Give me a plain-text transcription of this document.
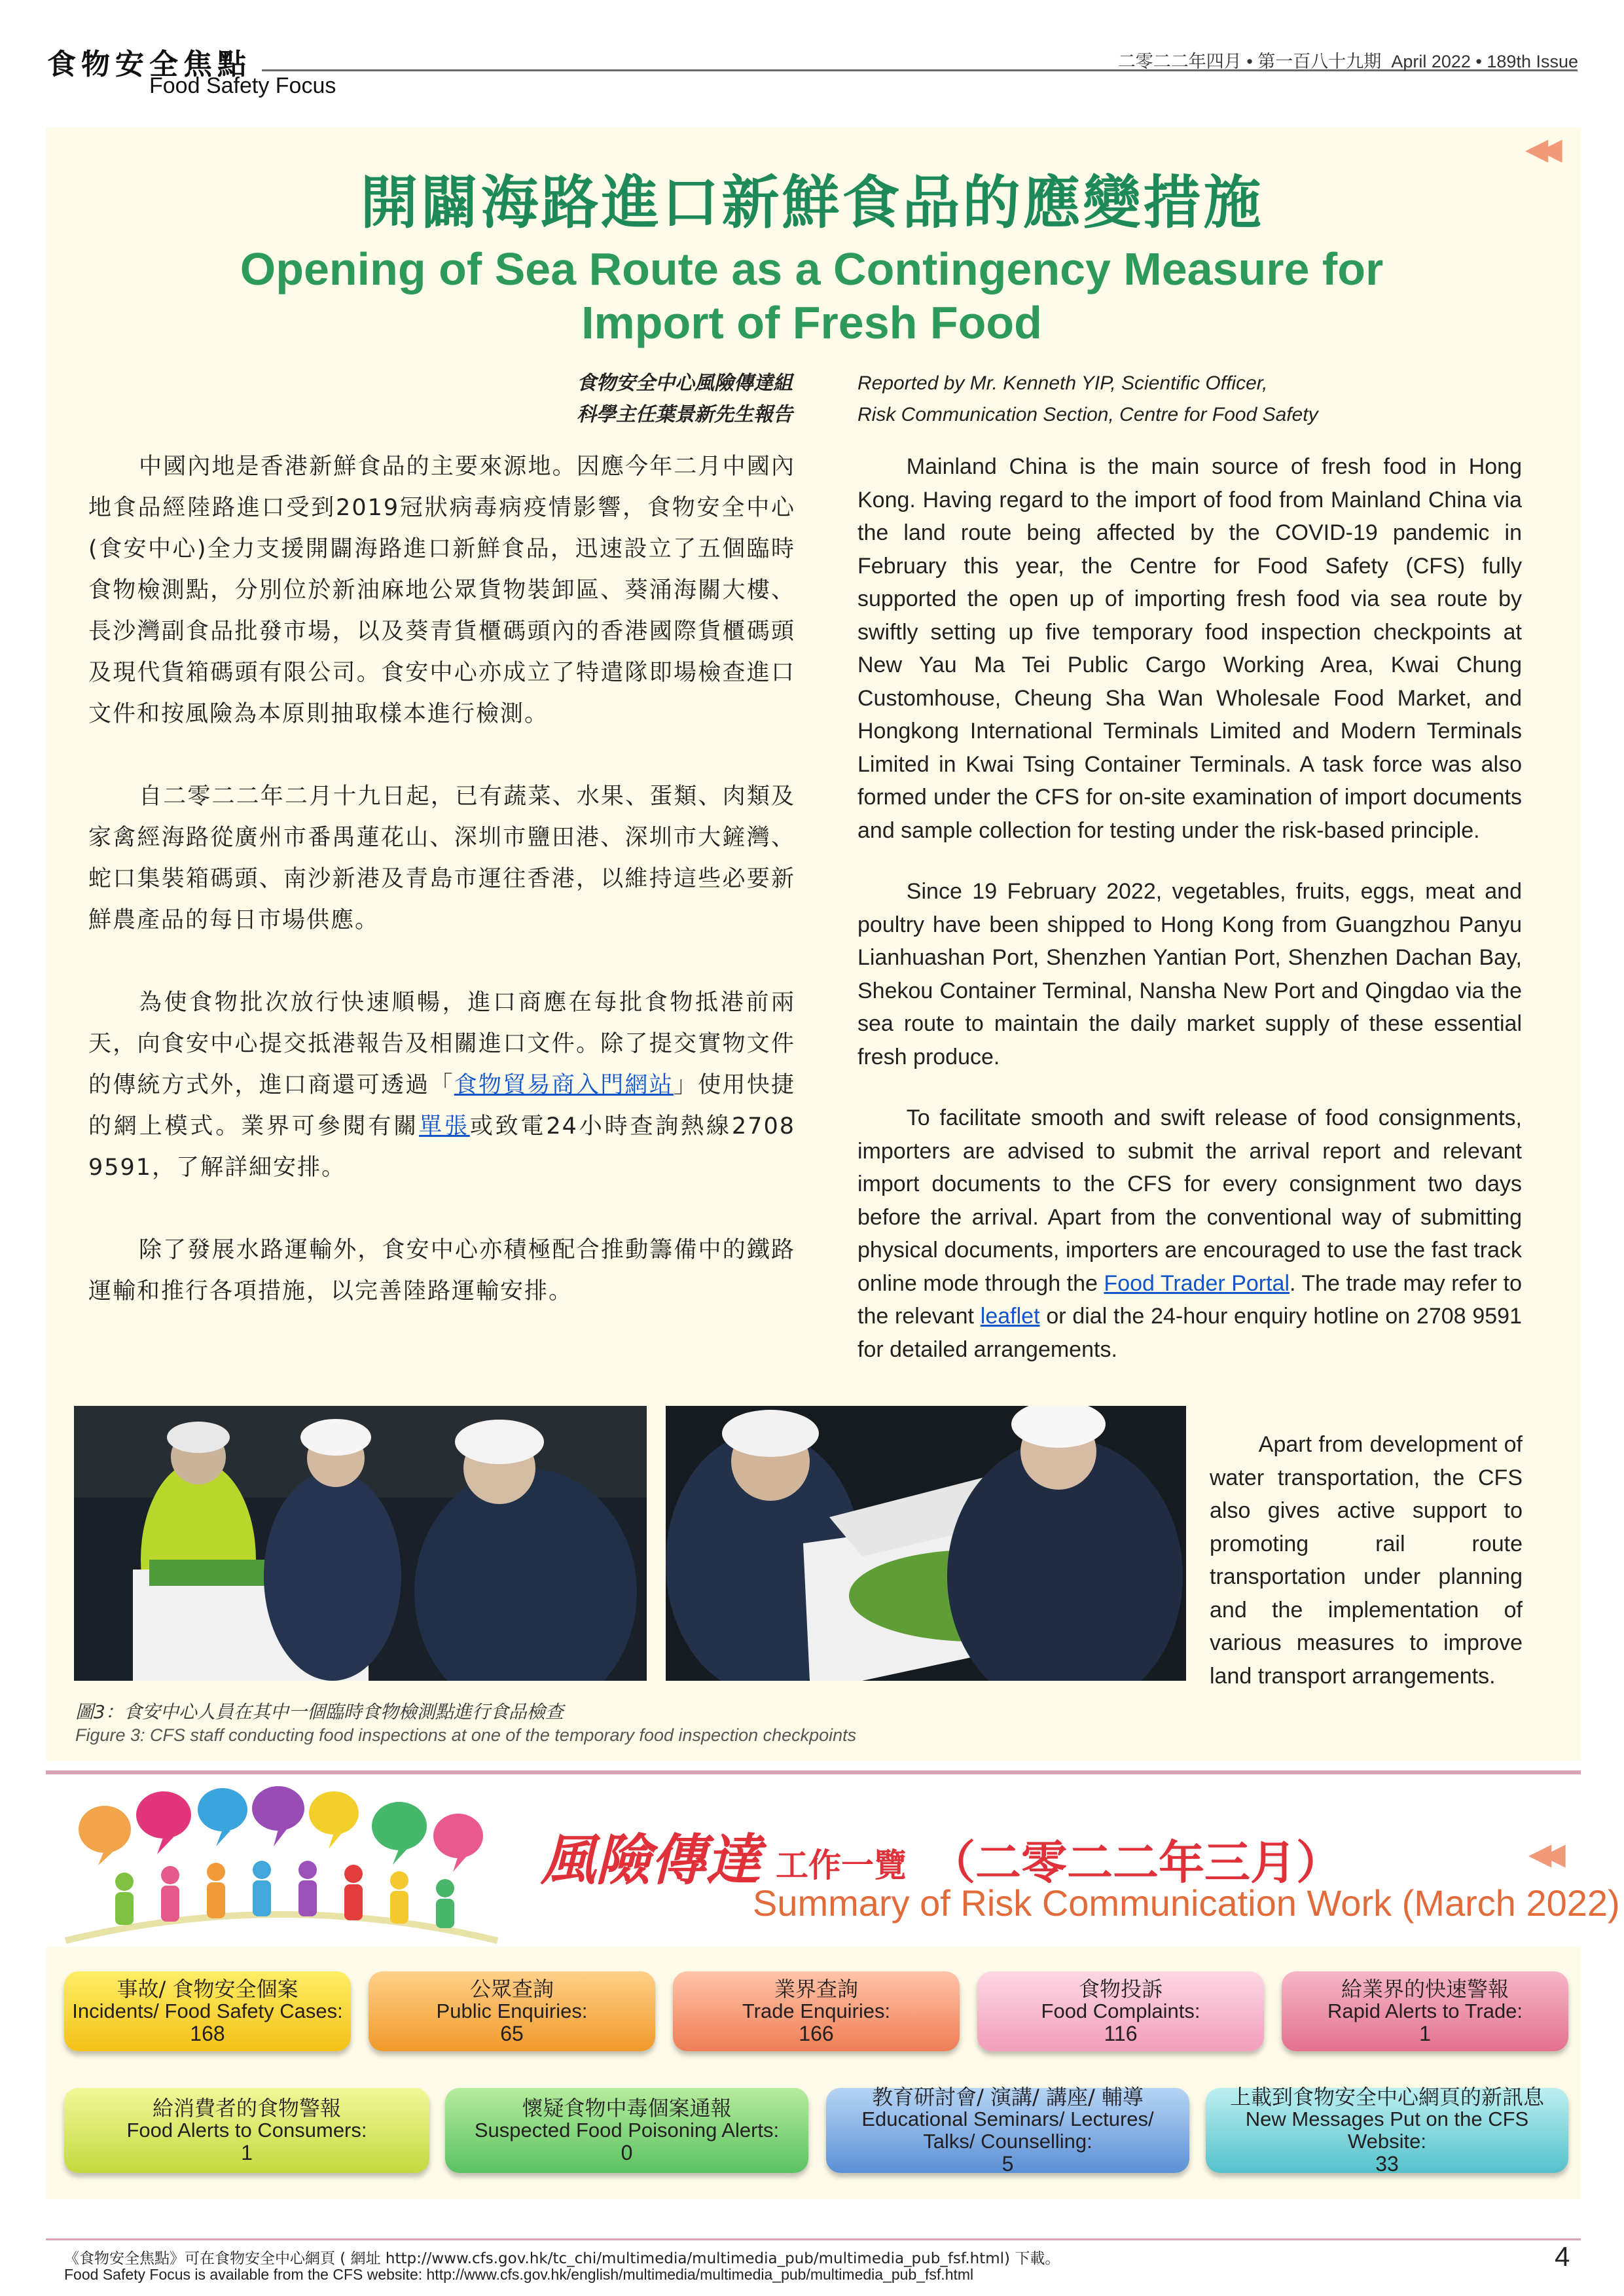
食物安全焦點
Food Safety Focus
二零二二年四月 • 第一百八十九期 April 2022 • 189th Issue
◀◀
開闢海路進口新鮮食品的應變措施
Opening of Sea Route as a Contingency Measure for
Import of Fresh Food
食物安全中心風險傳達組
科學主任葉景新先生報告
Reported by Mr. Kenneth YIP, Scientific Officer,
Risk Communication Section, Centre for Food Safety

中國內地是香港新鮮食品的主要來源地。因應今年二月中國內地食品經陸路進口受到2019冠狀病毒病疫情影響，食物安全中心(食安中心)全力支援開闢海路進口新鮮食品，迅速設立了五個臨時食物檢測點，分別位於新油麻地公眾貨物裝卸區、葵涌海關大樓、長沙灣副食品批發市場，以及葵青貨櫃碼頭內的香港國際貨櫃碼頭及現代貨箱碼頭有限公司。食安中心亦成立了特遣隊即場檢查進口文件和按風險為本原則抽取樣本進行檢測。

自二零二二年二月十九日起，已有蔬菜、水果、蛋類、肉類及家禽經海路從廣州市番禺蓮花山、深圳市鹽田港、深圳市大鏟灣、蛇口集裝箱碼頭、南沙新港及青島市運往香港，以維持這些必要新鮮農產品的每日市場供應。

為使食物批次放行快速順暢，進口商應在每批食物抵港前兩天，向食安中心提交抵港報告及相關進口文件。除了提交實物文件的傳統方式外，進口商還可透過「食物貿易商入門網站」使用快捷的網上模式。業界可參閱有關單張或致電24小時查詢熱線2708　9591，了解詳細安排。

除了發展水路運輸外，食安中心亦積極配合推動籌備中的鐵路運輸和推行各項措施，以完善陸路運輸安排。

Mainland China is the main source of fresh food in Hong Kong. Having regard to the import of food from Mainland China via the land route being affected by the COVID-19 pandemic in February this year, the Centre for Food Safety (CFS) fully supported the open up of importing fresh food via sea route by swiftly setting up five temporary food inspection checkpoints at New Yau Ma Tei Public Cargo Working Area, Kwai Chung Customhouse, Cheung Sha Wan Wholesale Food Market, and Hongkong International Terminals Limited and Modern Terminals Limited in Kwai Tsing Container Terminals. A task force was also formed under the CFS for on-site examination of import documents and sample collection for testing under the risk-based principle.

Since 19 February 2022, vegetables, fruits, eggs, meat and poultry have been shipped to Hong Kong from Guangzhou Panyu Lianhuashan Port, Shenzhen Yantian Port, Shenzhen Dachan Bay, Shekou Container Terminal, Nansha New Port and Qingdao via the sea route to maintain the daily market supply of these essential fresh produce.

To facilitate smooth and swift release of food consignments, importers are advised to submit the arrival report and relevant import documents to the CFS for every consignment two days before the arrival. Apart from the conventional way of submitting physical documents, importers are encouraged to use the fast track online mode through the Food Trader Portal. The trade may refer to the relevant leaflet or dial the 24-hour enquiry hotline on 2708 9591 for detailed arrangements.

圖3：食安中心人員在其中一個臨時食物檢測點進行食品檢查
Figure 3: CFS staff conducting food inspections at one of the temporary food inspection checkpoints

Apart from development of water transportation, the CFS also gives active support to promoting rail route transportation under planning and the implementation of various measures to improve land transport arrangements.

風險傳達 工作一覽 （二零二二年三月）
Summary of Risk Communication Work (March 2022)
◀◀
事故/ 食物安全個案
Incidents/ Food Safety Cases:
168
公眾查詢
Public Enquiries:
65
業界查詢
Trade Enquiries:
166
食物投訴
Food Complaints:
116
給業界的快速警報
Rapid Alerts to Trade:
1
給消費者的食物警報
Food Alerts to Consumers:
1
懷疑食物中毒個案通報
Suspected Food Poisoning Alerts:
0
教育研討會/ 演講/ 講座/ 輔導
Educational Seminars/ Lectures/ Talks/ Counselling:
5
上載到食物安全中心網頁的新訊息
New Messages Put on the CFS Website:
33
《食物安全焦點》可在食物安全中心網頁 ( 網址 http://www.cfs.gov.hk/tc_chi/multimedia/multimedia_pub/multimedia_pub_fsf.html) 下載。
Food Safety Focus is available from the CFS website: http://www.cfs.gov.hk/english/multimedia/multimedia_pub/multimedia_pub_fsf.html
4
